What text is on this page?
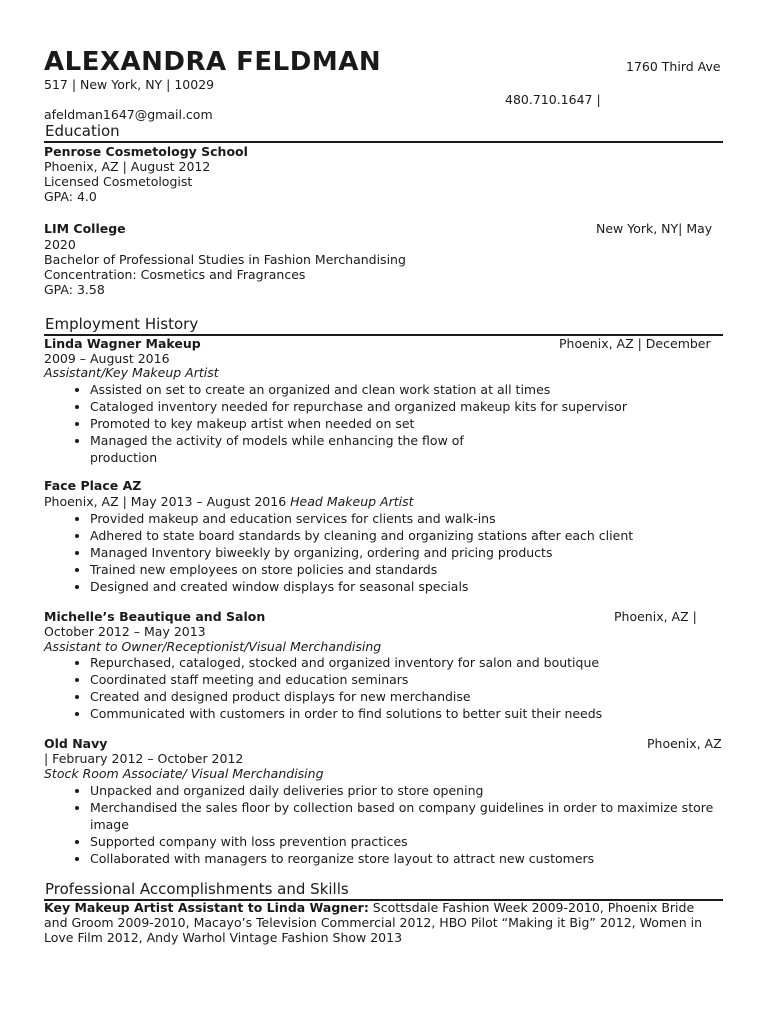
ALEXANDRA FELDMAN	1760 Third Ave
517 | New York, NY | 10029
480.710.1647 |
afeldman1647@gmail.com
Education
Penrose Cosmetology School
Phoenix, AZ | August 2012
Licensed Cosmetologist
GPA: 4.0
LIM College	New York, NY| May
2020
Bachelor of Professional Studies in Fashion Merchandising
Concentration: Cosmetics and Fragrances
GPA: 3.58
Employment History
Linda Wagner Makeup	Phoenix, AZ | December
2009 – August 2016
Assistant/Key Makeup Artist
• Assisted on set to create an organized and clean work station at all times
• Cataloged inventory needed for repurchase and organized makeup kits for supervisor
• Promoted to key makeup artist when needed on set
• Managed the activity of models while enhancing the flow of
production
Face Place AZ
Phoenix, AZ | May 2013 – August 2016 Head Makeup Artist
• Provided makeup and education services for clients and walk-ins
• Adhered to state board standards by cleaning and organizing stations after each client
• Managed Inventory biweekly by organizing, ordering and pricing products
• Trained new employees on store policies and standards
• Designed and created window displays for seasonal specials
Michelle’s Beautique and Salon	Phoenix, AZ |
October 2012 – May 2013
Assistant to Owner/Receptionist/Visual Merchandising
• Repurchased, cataloged, stocked and organized inventory for salon and boutique
• Coordinated staff meeting and education seminars
• Created and designed product displays for new merchandise
• Communicated with customers in order to find solutions to better suit their needs
Old Navy	Phoenix, AZ
| February 2012 – October 2012
Stock Room Associate/ Visual Merchandising
• Unpacked and organized daily deliveries prior to store opening
• Merchandised the sales floor by collection based on company guidelines in order to maximize store
image
• Supported company with loss prevention practices
• Collaborated with managers to reorganize store layout to attract new customers
Professional Accomplishments and Skills
Key Makeup Artist Assistant to Linda Wagner: Scottsdale Fashion Week 2009-2010, Phoenix Bride
and Groom 2009-2010, Macayo’s Television Commercial 2012, HBO Pilot “Making it Big” 2012, Women in
Love Film 2012, Andy Warhol Vintage Fashion Show 2013
